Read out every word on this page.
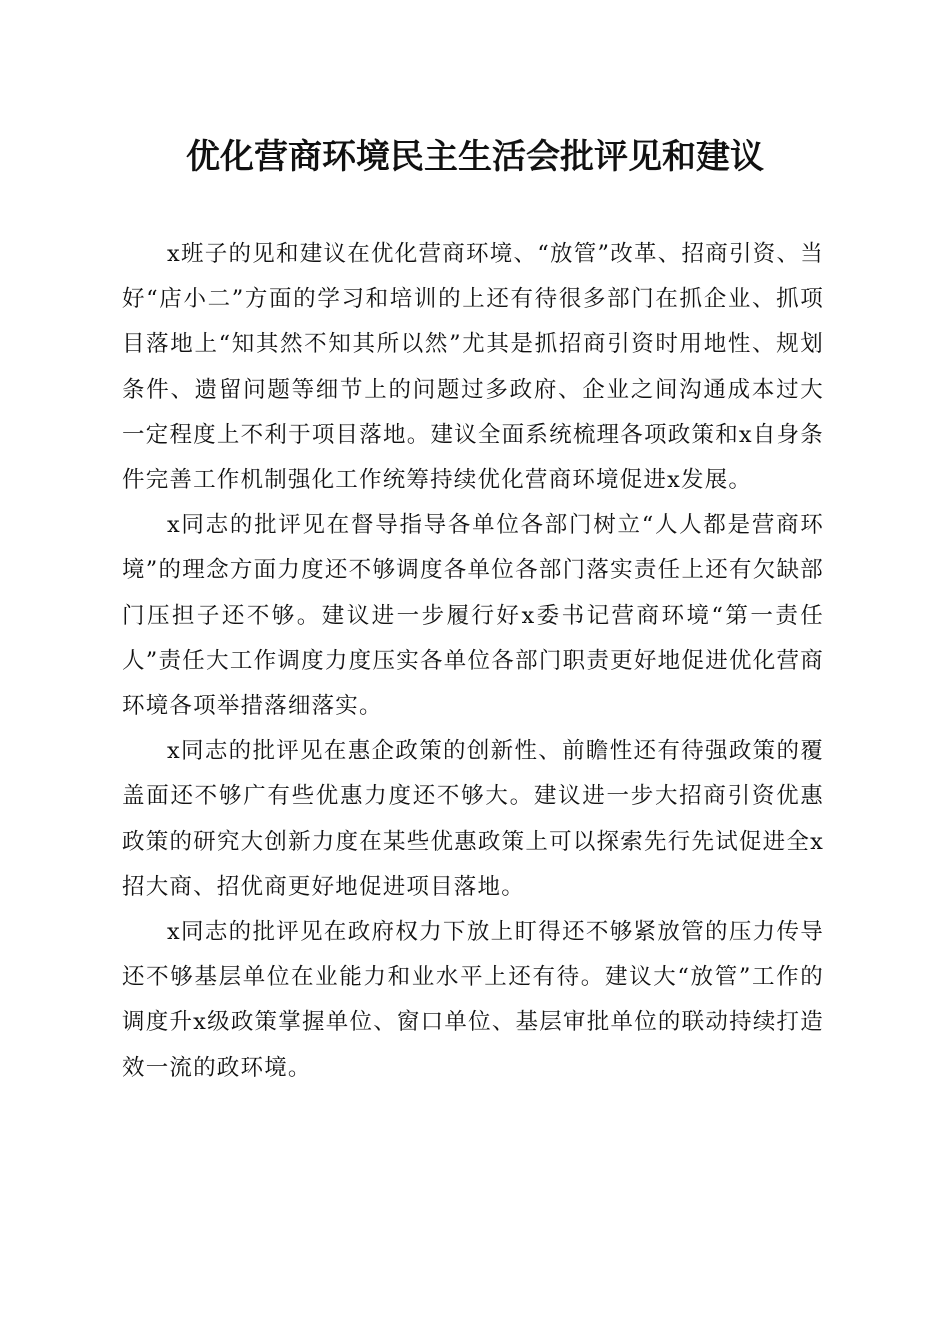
优化营商环境民主生活会批评见和建议

x班子的见和建议在优化营商环境、“放管”改革、招商引资、当好“店小二”方面的学习和培训的上还有待很多部门在抓企业、抓项目落地上“知其然不知其所以然”尤其是抓招商引资时用地性、规划条件、遗留问题等细节上的问题过多政府、企业之间沟通成本过大一定程度上不利于项目落地。建议全面系统梳理各项政策和x自身条件完善工作机制强化工作统筹持续优化营商环境促进x发展。

x同志的批评见在督导指导各单位各部门树立“人人都是营商环境”的理念方面力度还不够调度各单位各部门落实责任上还有欠缺部门压担子还不够。建议进一步履行好x委书记营商环境“第一责任人”责任大工作调度力度压实各单位各部门职责更好地促进优化营商环境各项举措落细落实。

x同志的批评见在惠企政策的创新性、前瞻性还有待强政策的覆盖面还不够广有些优惠力度还不够大。建议进一步大招商引资优惠政策的研究大创新力度在某些优惠政策上可以探索先行先试促进全x招大商、招优商更好地促进项目落地。

x同志的批评见在政府权力下放上盯得还不够紧放管的压力传导还不够基层单位在业能力和业水平上还有待。建议大“放管”工作的调度升x级政策掌握单位、窗口单位、基层审批单位的联动持续打造效一流的政环境。
